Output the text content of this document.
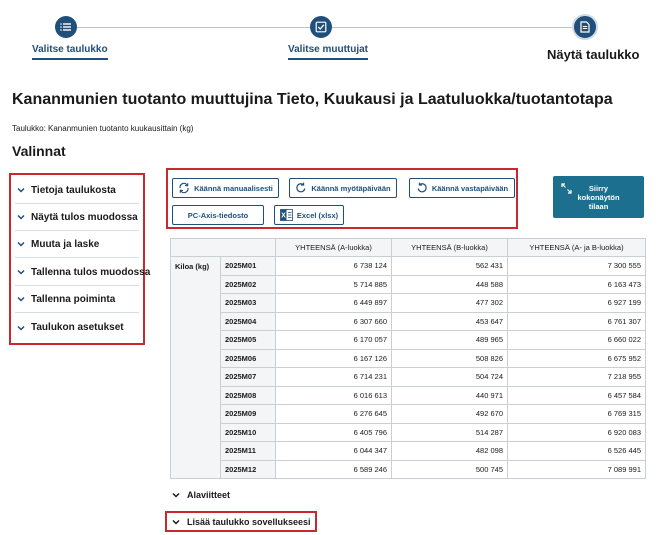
Valitse taulukko	Valitse muuttujat	Näytä taulukko
Kananmunien tuotanto muuttujina Tieto, Kuukausi ja Laatuluokka/tuotantotapa
Taulukko: Kananmunien tuotanto kuukausittain (kg)
Valinnat
Tietoja taulukosta
Näytä tulos muodossa
Muuta ja laske
Tallenna tulos muodossa
Tallenna poiminta
Taulukon asetukset
Käännä manuaalisesti	Käännä myötäpäivään	Käännä vastapäivään
PC-Axis-tiedosto	X Excel (xlsx)
Siirry kokonäytön tilaan
		YHTEENSÄ (A-luokka)	YHTEENSÄ (B-luokka)	YHTEENSÄ (A- ja B-luokka)
Kiloa (kg)	2025M01	6 738 124	562 431	7 300 555
	2025M02	5 714 885	448 588	6 163 473
	2025M03	6 449 897	477 302	6 927 199
	2025M04	6 307 660	453 647	6 761 307
	2025M05	6 170 057	489 965	6 660 022
	2025M06	6 167 126	508 826	6 675 952
	2025M07	6 714 231	504 724	7 218 955
	2025M08	6 016 613	440 971	6 457 584
	2025M09	6 276 645	492 670	6 769 315
	2025M10	6 405 796	514 287	6 920 083
	2025M11	6 044 347	482 098	6 526 445
	2025M12	6 589 246	500 745	7 089 991
Alaviitteet
Lisää taulukko sovellukseesi
